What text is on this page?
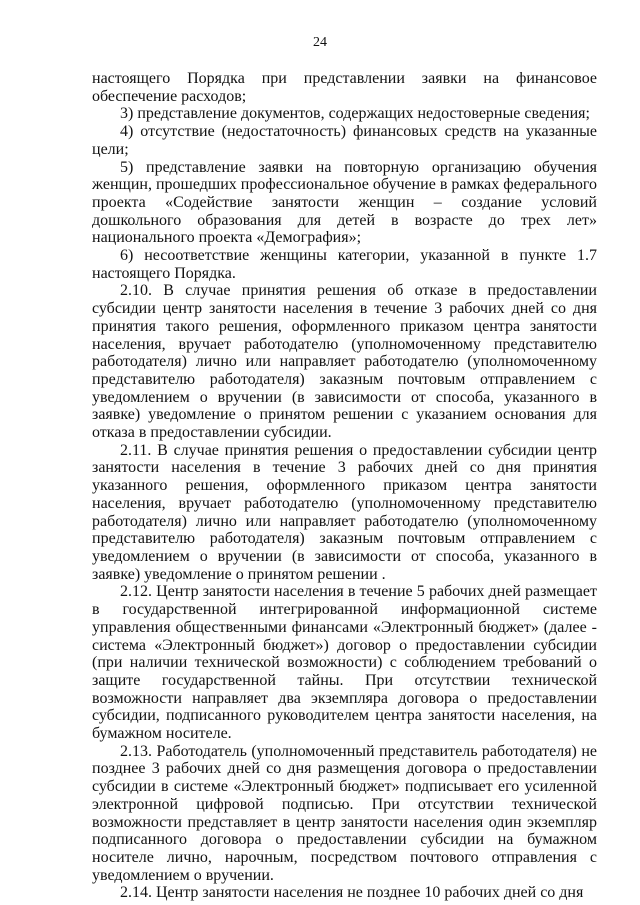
24

настоящего Порядка при представлении заявки на финансовое обеспечение расходов;

3) представление документов, содержащих недостоверные сведения;

4) отсутствие (недостаточность) финансовых средств на указанные цели;

5) представление заявки на повторную организацию обучения женщин, прошедших профессиональное обучение в рамках федерального проекта «Содействие занятости женщин – создание условий дошкольного образования для детей в возрасте до трех лет» национального проекта «Демография»;

6) несоответствие женщины категории, указанной в пункте 1.7 настоящего Порядка.

2.10. В случае принятия решения об отказе в предоставлении субсидии центр занятости населения в течение 3 рабочих дней со дня принятия такого решения, оформленного приказом центра занятости населения, вручает работодателю (уполномоченному представителю работодателя) лично или направляет работодателю (уполномоченному представителю работодателя) заказным почтовым отправлением с уведомлением о вручении (в зависимости от способа, указанного в заявке) уведомление о принятом решении с указанием основания для отказа в предоставлении субсидии.

2.11. В случае принятия решения о предоставлении субсидии центр занятости населения в течение 3 рабочих дней со дня принятия указанного решения, оформленного приказом центра занятости населения, вручает работодателю (уполномоченному представителю работодателя) лично или направляет работодателю (уполномоченному представителю работодателя) заказным почтовым отправлением с уведомлением о вручении (в зависимости от способа, указанного в заявке) уведомление о принятом решении .

2.12. Центр занятости населения в течение 5 рабочих дней размещает в государственной интегрированной информационной системе управления общественными финансами «Электронный бюджет» (далее - система «Электронный бюджет») договор о предоставлении субсидии (при наличии технической возможности) с соблюдением требований о защите государственной тайны. При отсутствии технической возможности направляет два экземпляра договора о предоставлении субсидии, подписанного руководителем центра занятости населения, на бумажном носителе.

2.13. Работодатель (уполномоченный представитель работодателя) не позднее 3 рабочих дней со дня размещения договора о предоставлении субсидии в системе «Электронный бюджет» подписывает его усиленной электронной цифровой подписью. При отсутствии технической возможности представляет в центр занятости населения один экземпляр подписанного договора о предоставлении субсидии на бумажном носителе лично, нарочным, посредством почтового отправления с уведомлением о вручении.

2.14. Центр занятости населения не позднее 10 рабочих дней со дня
